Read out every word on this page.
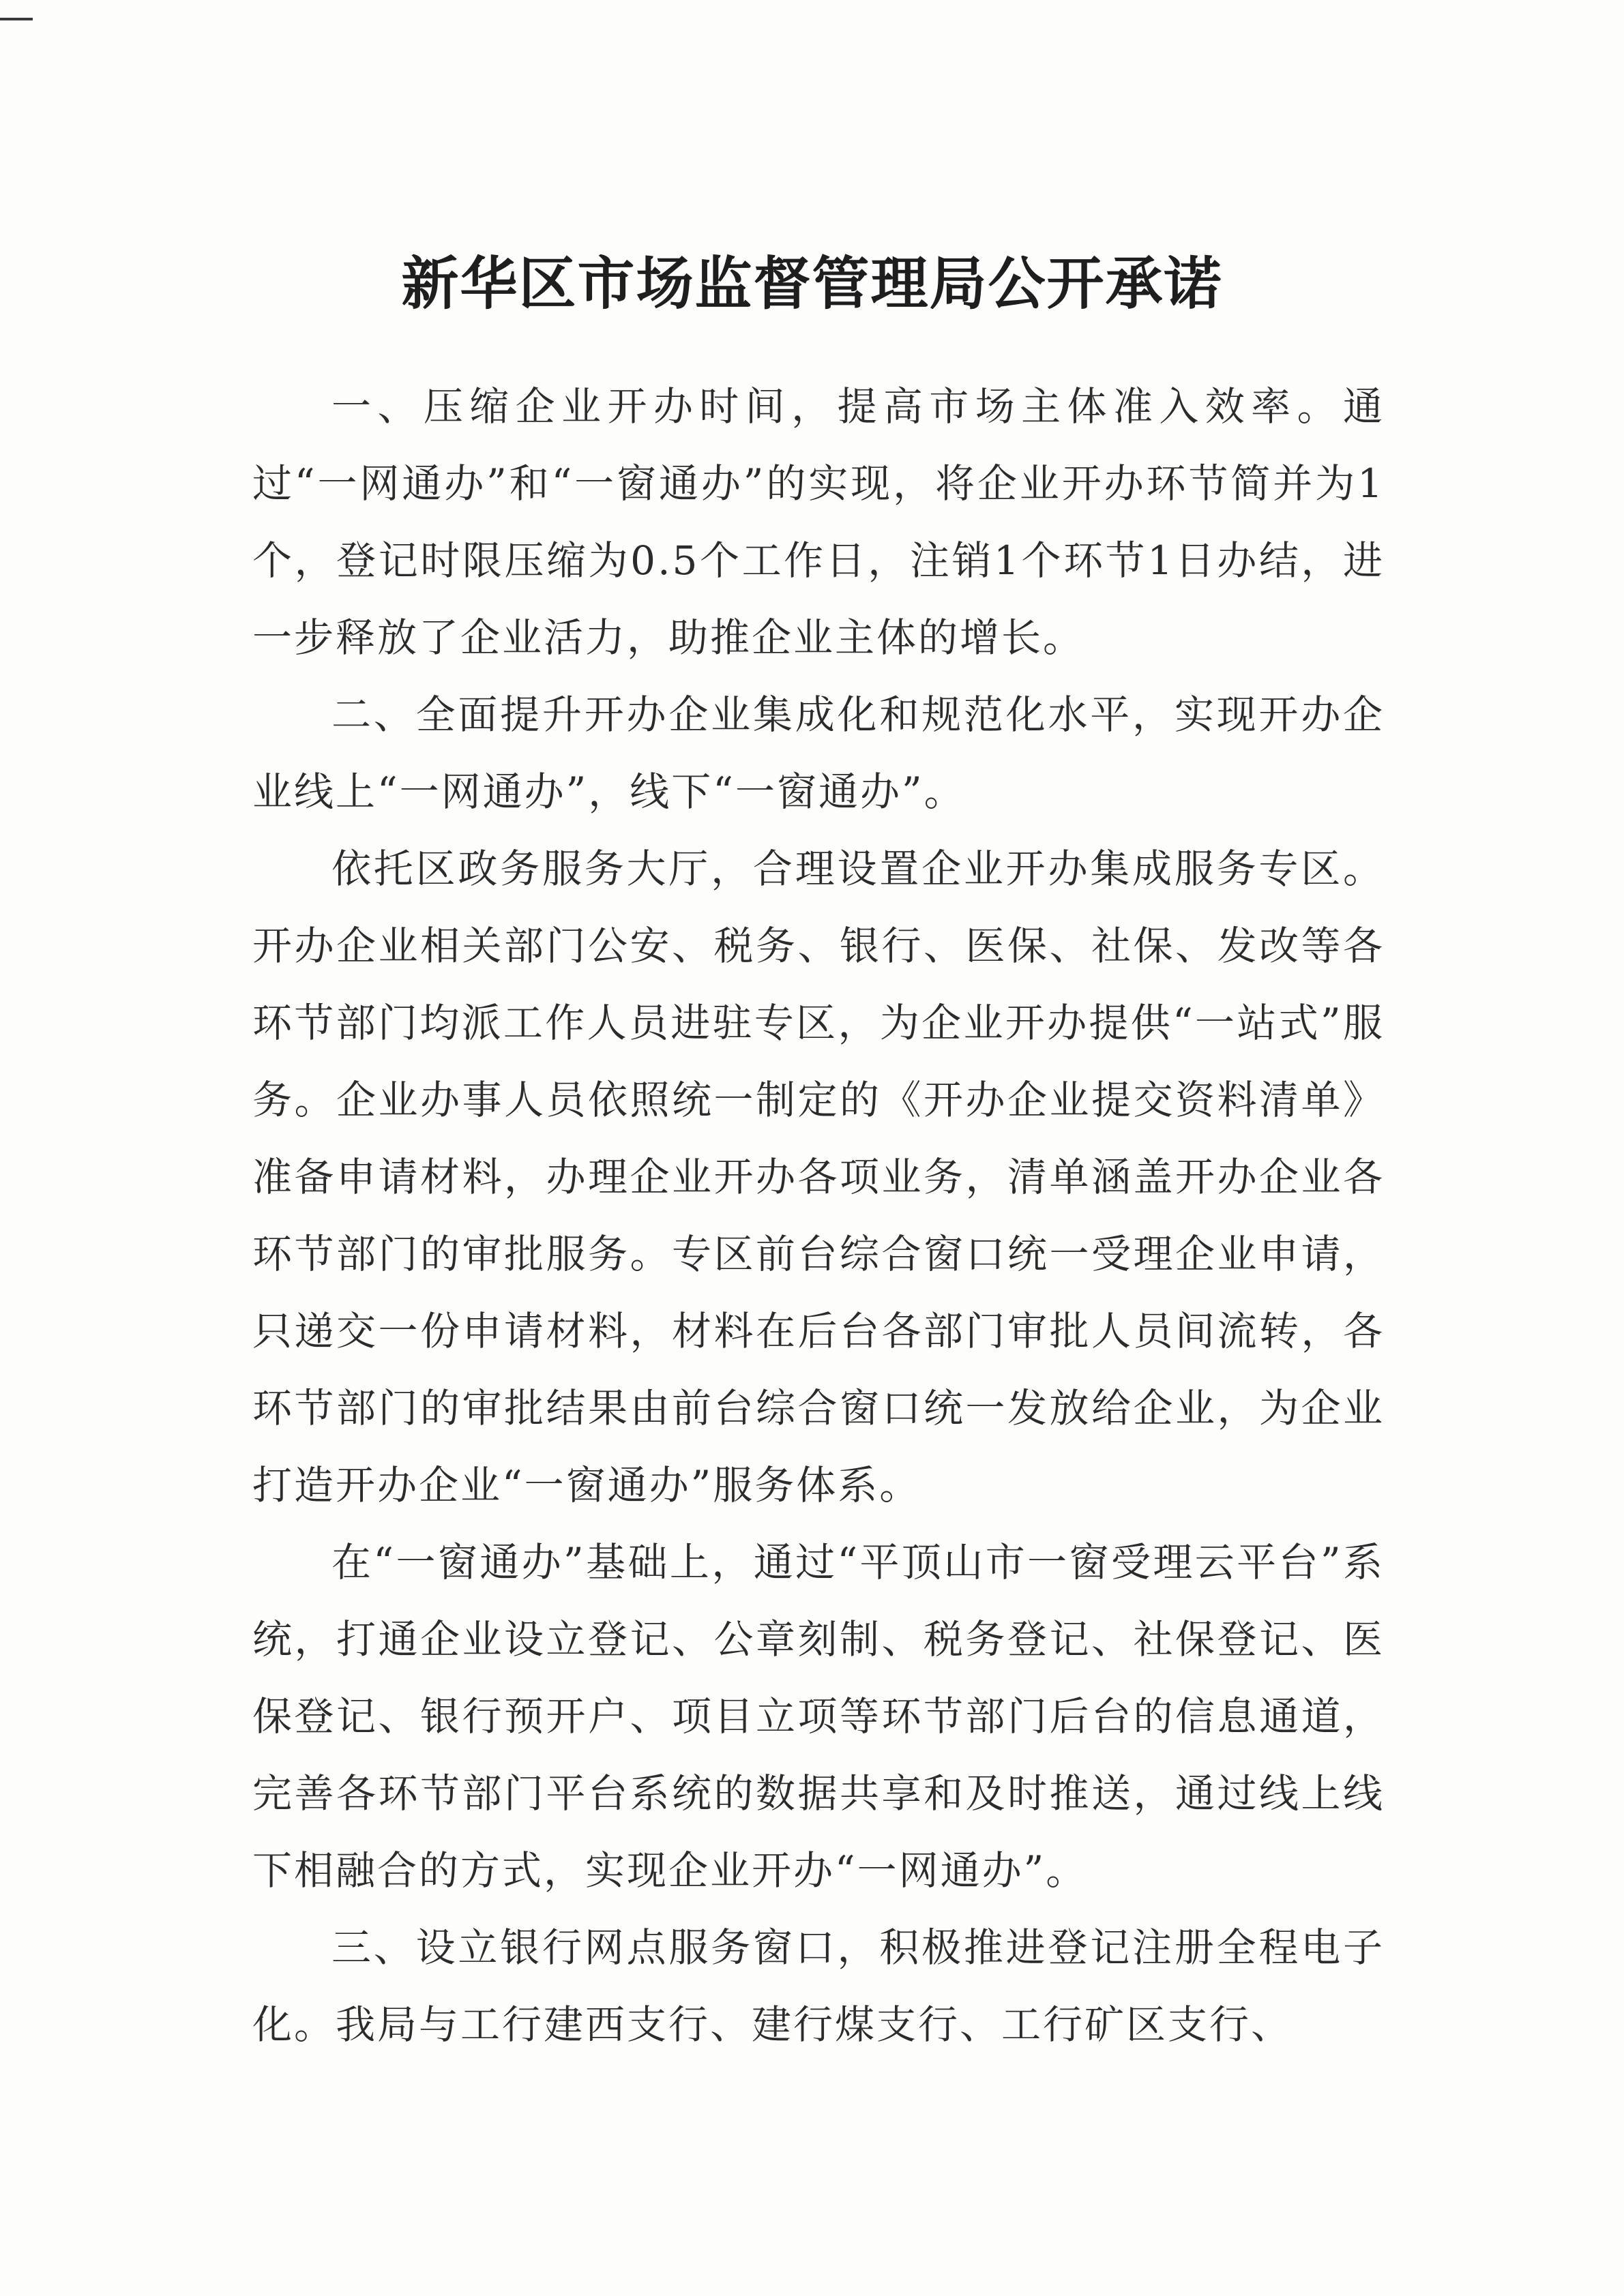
新华区市场监督管理局公开承诺

一、压缩企业开办时间，提高市场主体准入效率。通过“一网通办”和“一窗通办”的实现，将企业开办环节简并为1个，登记时限压缩为0.5个工作日，注销1个环节1日办结，进一步释放了企业活力，助推企业主体的增长。

二、全面提升开办企业集成化和规范化水平，实现开办企业线上“一网通办”，线下“一窗通办”。

依托区政务服务大厅，合理设置企业开办集成服务专区。开办企业相关部门公安、税务、银行、医保、社保、发改等各环节部门均派工作人员进驻专区，为企业开办提供“一站式”服务。企业办事人员依照统一制定的《开办企业提交资料清单》准备申请材料，办理企业开办各项业务，清单涵盖开办企业各环节部门的审批服务。专区前台综合窗口统一受理企业申请，只递交一份申请材料，材料在后台各部门审批人员间流转，各环节部门的审批结果由前台综合窗口统一发放给企业，为企业打造开办企业“一窗通办”服务体系。

在“一窗通办”基础上，通过“平顶山市一窗受理云平台”系统，打通企业设立登记、公章刻制、税务登记、社保登记、医保登记、银行预开户、项目立项等环节部门后台的信息通道，完善各环节部门平台系统的数据共享和及时推送，通过线上线下相融合的方式，实现企业开办“一网通办”。

三、设立银行网点服务窗口，积极推进登记注册全程电子化。我局与工行建西支行、建行煤支行、工行矿区支行、
